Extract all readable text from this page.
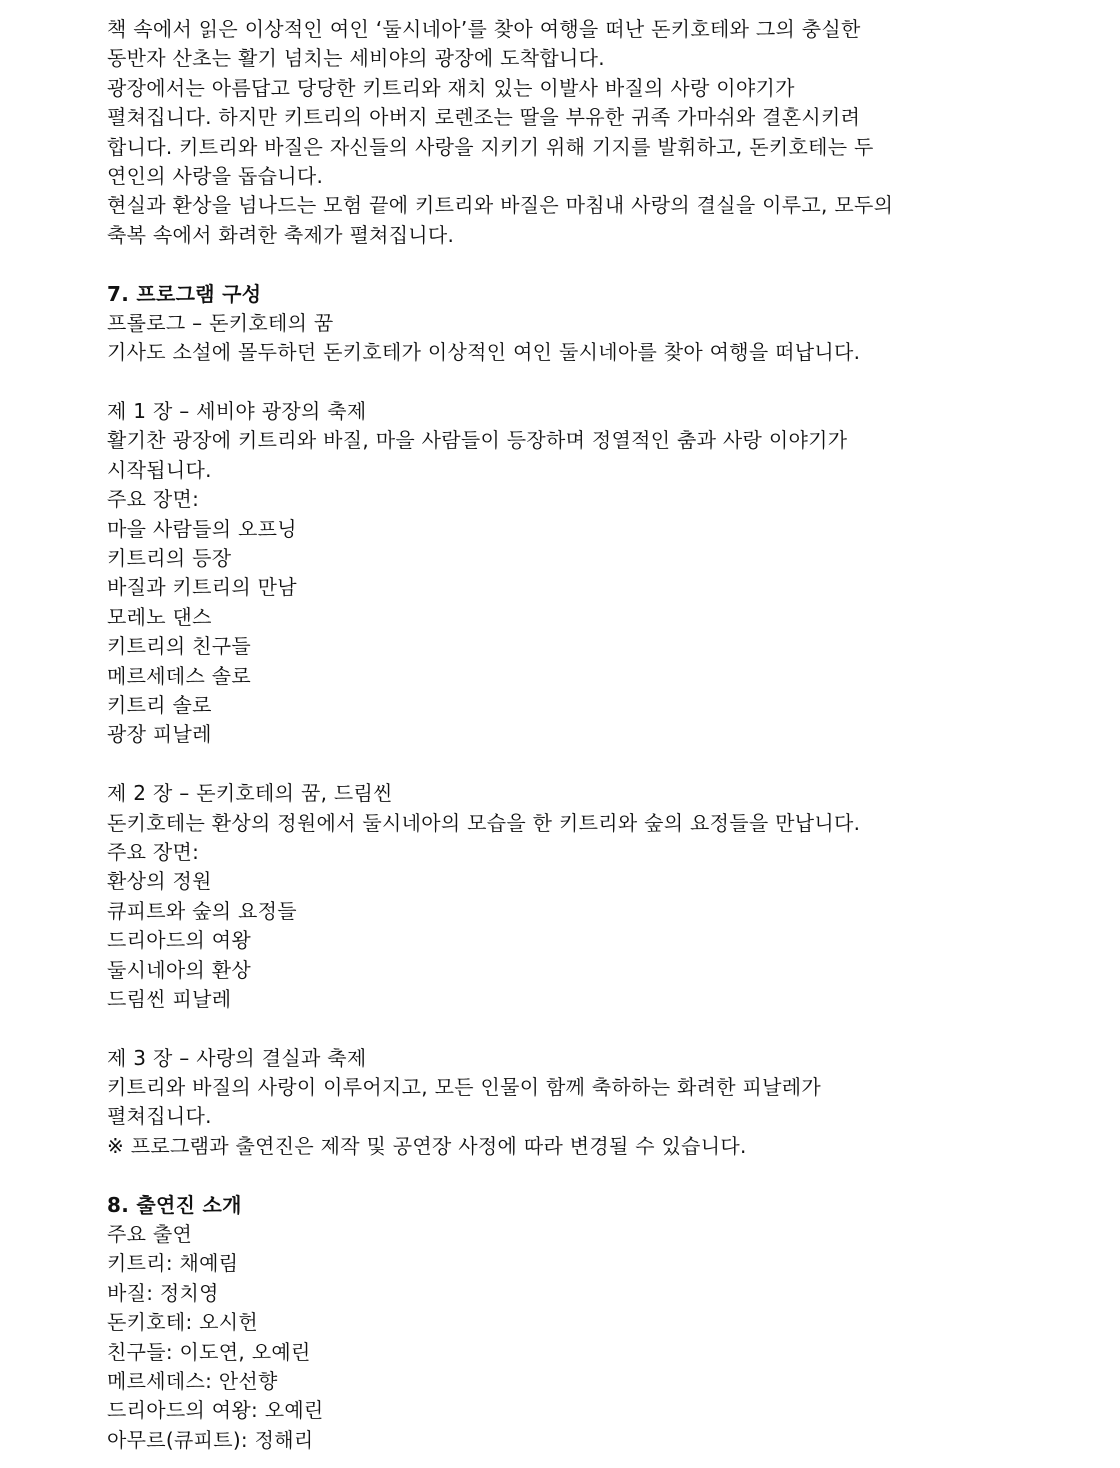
책 속에서 읽은 이상적인 여인 ‘둘시네아’를 찾아 여행을 떠난 돈키호테와 그의 충실한
동반자 산초는 활기 넘치는 세비야의 광장에 도착합니다.
광장에서는 아름답고 당당한 키트리와 재치 있는 이발사 바질의 사랑 이야기가
펼쳐집니다. 하지만 키트리의 아버지 로렌조는 딸을 부유한 귀족 가마쉬와 결혼시키려
합니다. 키트리와 바질은 자신들의 사랑을 지키기 위해 기지를 발휘하고, 돈키호테는 두
연인의 사랑을 돕습니다.
현실과 환상을 넘나드는 모험 끝에 키트리와 바질은 마침내 사랑의 결실을 이루고, 모두의
축복 속에서 화려한 축제가 펼쳐집니다.
7. 프로그램 구성
프롤로그 – 돈키호테의 꿈
기사도 소설에 몰두하던 돈키호테가 이상적인 여인 둘시네아를 찾아 여행을 떠납니다.
제 1 장 – 세비야 광장의 축제
활기찬 광장에 키트리와 바질, 마을 사람들이 등장하며 정열적인 춤과 사랑 이야기가
시작됩니다.
주요 장면:
마을 사람들의 오프닝
키트리의 등장
바질과 키트리의 만남
모레노 댄스
키트리의 친구들
메르세데스 솔로
키트리 솔로
광장 피날레
제 2 장 – 돈키호테의 꿈, 드림씬
돈키호테는 환상의 정원에서 둘시네아의 모습을 한 키트리와 숲의 요정들을 만납니다.
주요 장면:
환상의 정원
큐피트와 숲의 요정들
드리아드의 여왕
둘시네아의 환상
드림씬 피날레
제 3 장 – 사랑의 결실과 축제
키트리와 바질의 사랑이 이루어지고, 모든 인물이 함께 축하하는 화려한 피날레가
펼쳐집니다.
※ 프로그램과 출연진은 제작 및 공연장 사정에 따라 변경될 수 있습니다.
8. 출연진 소개
주요 출연
키트리: 채예림
바질: 정치영
돈키호테: 오시헌
친구들: 이도연, 오예린
메르세데스: 안선향
드리아드의 여왕: 오예린
아무르(큐피트): 정해리
